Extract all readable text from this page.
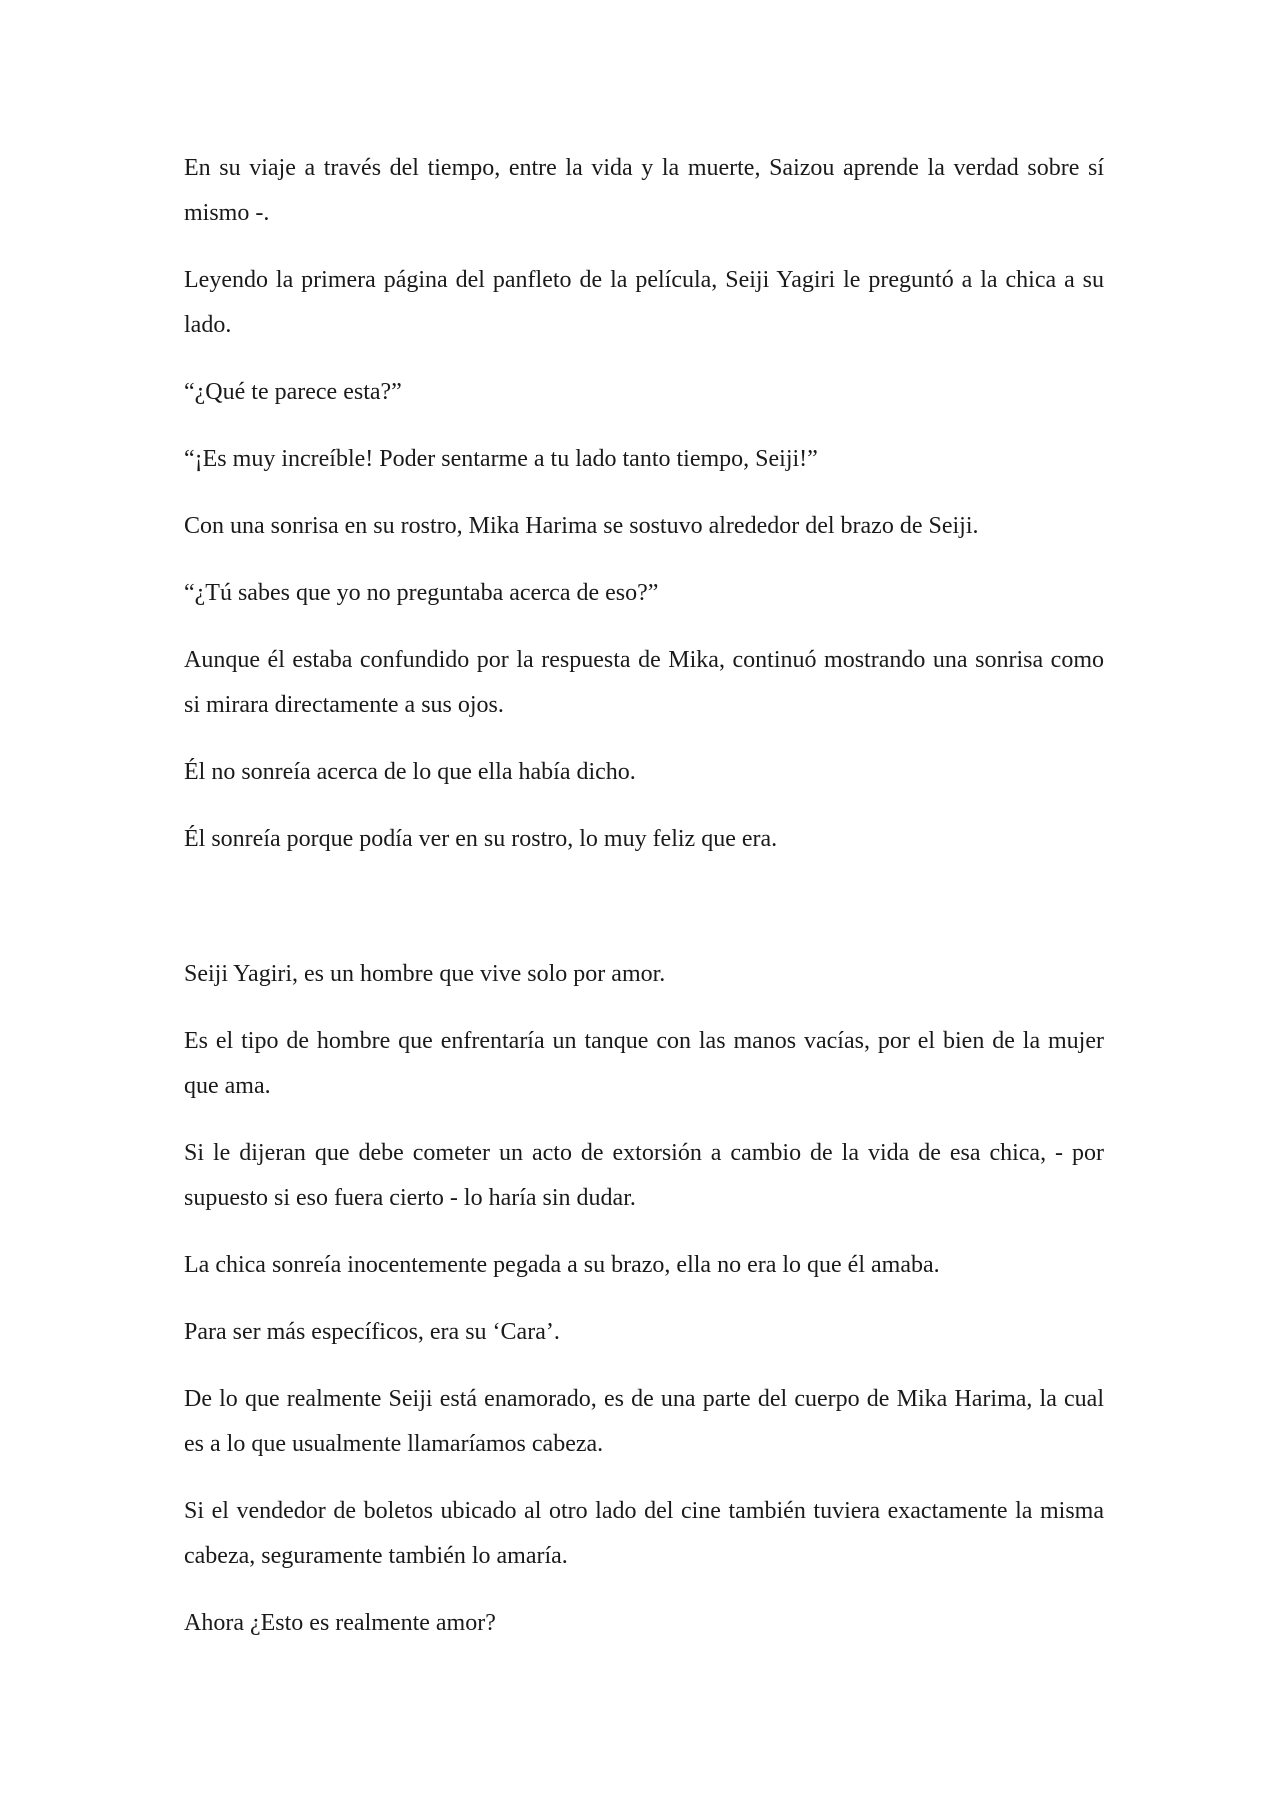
En su viaje a través del tiempo, entre la vida y la muerte, Saizou aprende la verdad sobre sí mismo -.

Leyendo la primera página del panfleto de la película, Seiji Yagiri le preguntó a la chica a su lado.

“¿Qué te parece esta?”

“¡Es muy increíble! Poder sentarme a tu lado tanto tiempo, Seiji!”

Con una sonrisa en su rostro, Mika Harima se sostuvo alrededor del brazo de Seiji.

“¿Tú sabes que yo no preguntaba acerca de eso?”

Aunque él estaba confundido por la respuesta de Mika, continuó mostrando una sonrisa como si mirara directamente a sus ojos.

Él no sonreía acerca de lo que ella había dicho.

Él sonreía porque podía ver en su rostro, lo muy feliz que era.

Seiji Yagiri, es un hombre que vive solo por amor.

Es el tipo de hombre que enfrentaría un tanque con las manos vacías, por el bien de la mujer que ama.

Si le dijeran que debe cometer un acto de extorsión a cambio de la vida de esa chica, - por supuesto si eso fuera cierto - lo haría sin dudar.

La chica sonreía inocentemente pegada a su brazo, ella no era lo que él amaba.

Para ser más específicos, era su ‘Cara’.

De lo que realmente Seiji está enamorado, es de una parte del cuerpo de Mika Harima, la cual es a lo que usualmente llamaríamos cabeza.

Si el vendedor de boletos ubicado al otro lado del cine también tuviera exactamente la misma cabeza, seguramente también lo amaría.

Ahora ¿Esto es realmente amor?
